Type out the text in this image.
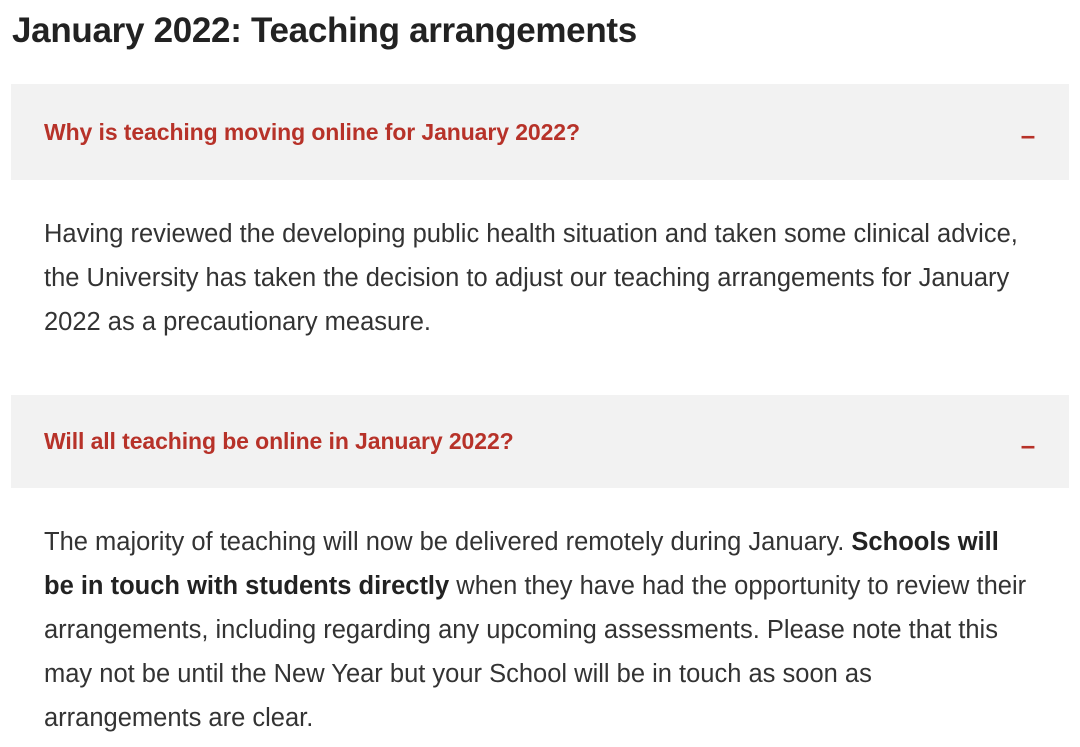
January 2022: Teaching arrangements
Why is teaching moving online for January 2022?	–

Having reviewed the developing public health situation and taken some clinical advice, the University has taken the decision to adjust our teaching arrangements for January 2022 as a precautionary measure.

Will all teaching be online in January 2022?	–

The majority of teaching will now be delivered remotely during January. Schools will be in touch with students directly when they have had the opportunity to review their arrangements, including regarding any upcoming assessments. Please note that this may not be until the New Year but your School will be in touch as soon as arrangements are clear.
